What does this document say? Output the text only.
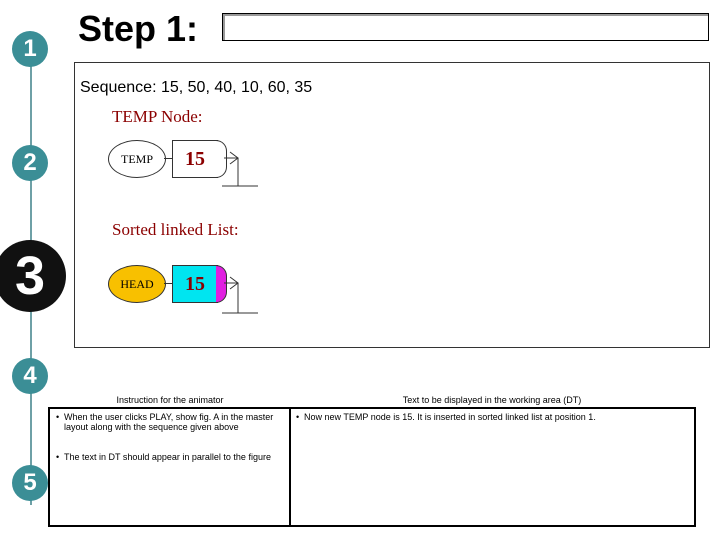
1
2
3
4
5
Step 1:
Sequence: 15, 50, 40, 10, 60, 35
TEMP Node:
TEMP 15
Sorted linked List:
HEAD 15
Instruction for the animator	Text to be displayed in the working area (DT)
• When the user clicks PLAY, show fig. A in the master layout along with the sequence given above
• The text in DT should appear in parallel to the figure
• Now new TEMP node is 15. It is inserted in sorted linked list at position 1.
